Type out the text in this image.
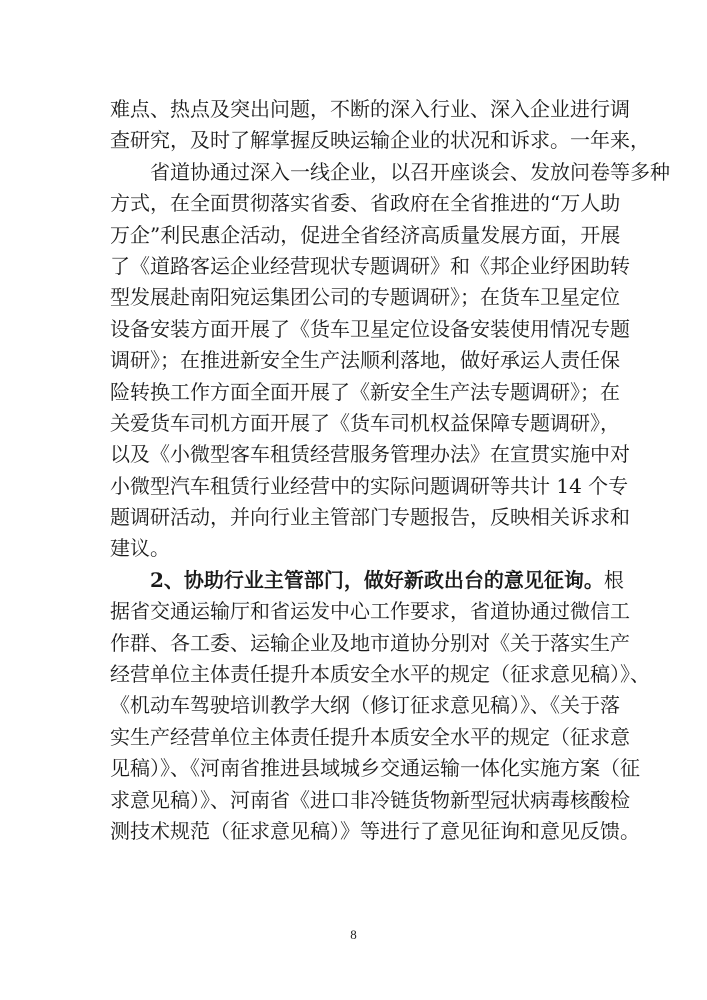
难点、热点及突出问题，不断的深入行业、深入企业进行调
查研究，及时了解掌握反映运输企业的状况和诉求。一年来，
省道协通过深入一线企业，以召开座谈会、发放问卷等多种
方式，在全面贯彻落实省委、省政府在全省推进的“万人助
万企”利民惠企活动，促进全省经济高质量发展方面，开展
了《道路客运企业经营现状专题调研》和《邦企业纾困助转
型发展赴南阳宛运集团公司的专题调研》；在货车卫星定位
设备安装方面开展了《货车卫星定位设备安装使用情况专题
调研》；在推进新安全生产法顺利落地，做好承运人责任保
险转换工作方面全面开展了《新安全生产法专题调研》；在
关爱货车司机方面开展了《货车司机权益保障专题调研》，
以及《小微型客车租赁经营服务管理办法》在宣贯实施中对
小微型汽车租赁行业经营中的实际问题调研等共计 14 个专
题调研活动，并向行业主管部门专题报告，反映相关诉求和
建议。
2、协助行业主管部门，做好新政出台的意见征询。根
据省交通运输厅和省运发中心工作要求，省道协通过微信工
作群、各工委、运输企业及地市道协分别对《关于落实生产
经营单位主体责任提升本质安全水平的规定（征求意见稿）》、
《机动车驾驶培训教学大纲（修订征求意见稿）》、《关于落
实生产经营单位主体责任提升本质安全水平的规定（征求意
见稿）》、《河南省推进县域城乡交通运输一体化实施方案（征
求意见稿）》、河南省《进口非冷链货物新型冠状病毒核酸检
测技术规范（征求意见稿）》等进行了意见征询和意见反馈。
8
